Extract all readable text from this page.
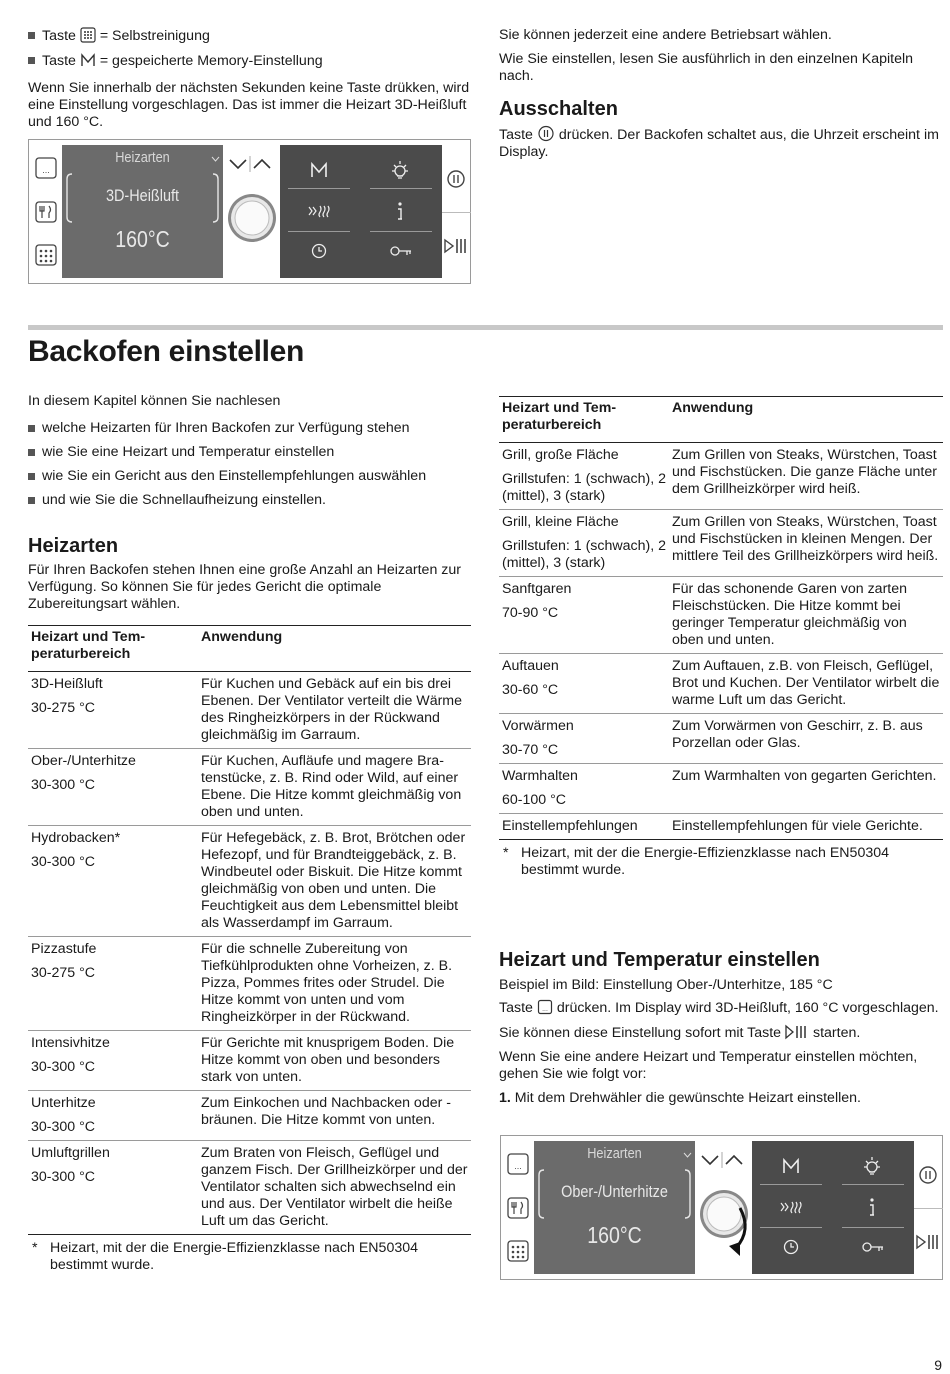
Taste = Selbstreinigung
Taste = gespeicherte Memory-Einstellung

Wenn Sie innerhalb der nächsten Sekunden keine Taste drükken, wird eine Einstellung vorgeschlagen. Das ist immer die Heizart 3D-Heißluft und 160 °C.

...
Heizarten
3D-Heißluft
160°C

Sie können jederzeit eine andere Betriebsart wählen.

Wie Sie einstellen, lesen Sie ausführlich in den einzelnen Kapiteln nach.

Ausschalten

Taste drücken. Der Backofen schaltet aus, die Uhrzeit erscheint im Display.

Backofen einstellen

In diesem Kapitel können Sie nachlesen

welche Heizarten für Ihren Backofen zur Verfügung stehen
wie Sie eine Heizart und Temperatur einstellen
wie Sie ein Gericht aus den Einstellempfehlungen auswählen
und wie Sie die Schnellaufheizung einstellen.
Heizarten

Für Ihren Backofen stehen Ihnen eine große Anzahl an Heizarten zur Verfügung. So können Sie für jedes Gericht die optimale Zubereitungsart wählen.

Heizart und Temperaturbereich	Anwendung

3D-Heißluft
30-275 °C	Für Kuchen und Gebäck auf ein bis drei Ebenen. Der Ventilator verteilt die Wärme des Ringheizkörpers in der Rückwand gleichmäßig im Garraum.

Ober-/Unterhitze
30-300 °C	Für Kuchen, Aufläufe und magere Bratenstücke, z. B. Rind oder Wild, auf einer Ebene. Die Hitze kommt gleichmäßig von oben und unten.

Hydrobacken*
30-300 °C	Für Hefegebäck, z. B. Brot, Brötchen oder Hefezopf, und für Brandteiggebäck, z. B. Windbeutel oder Biskuit. Die Hitze kommt gleichmäßig von oben und unten. Die Feuchtigkeit aus dem Lebensmittel bleibt als Wasserdampf im Garraum.

Pizzastufe
30-275 °C	Für die schnelle Zubereitung von Tiefkühlprodukten ohne Vorheizen, z. B. Pizza, Pommes frites oder Strudel. Die Hitze kommt von unten und vom Ringheizkörper in der Rückwand.

Intensivhitze
30-300 °C	Für Gerichte mit knusprigem Boden. Die Hitze kommt von oben und besonders stark von unten.

Unterhitze
30-300 °C	Zum Einkochen und Nachbacken oder -bräunen. Die Hitze kommt von unten.

Umluftgrillen
30-300 °C	Zum Braten von Fleisch, Geflügel und ganzem Fisch. Der Grillheizkörper und der Ventilator schalten sich abwechselnd ein und aus. Der Ventilator wirbelt die heiße Luft um das Gericht.
* Heizart, mit der die Energie-Effizienzklasse nach EN50304 bestimmt wurde.
Heizart und Temperaturbereich	Anwendung

Grill, große Fläche
Grillstufen: 1 (schwach), 2 (mittel), 3 (stark)	Zum Grillen von Steaks, Würstchen, Toast und Fischstücken. Die ganze Fläche unter dem Grillheizkörper wird heiß.

Grill, kleine Fläche
Grillstufen: 1 (schwach), 2 (mittel), 3 (stark)	Zum Grillen von Steaks, Würstchen, Toast und Fischstücken in kleinen Mengen. Der mittlere Teil des Grillheizkörpers wird heiß.

Sanftgaren
70-90 °C	Für das schonende Garen von zarten Fleischstücken. Die Hitze kommt bei geringer Temperatur gleichmäßig von oben und unten.

Auftauen
30-60 °C	Zum Auftauen, z.B. von Fleisch, Geflügel, Brot und Kuchen. Der Ventilator wirbelt die warme Luft um das Gericht.

Vorwärmen
30-70 °C	Zum Vorwärmen von Geschirr, z. B. aus Porzellan oder Glas.

Warmhalten
60-100 °C	Zum Warmhalten von gegarten Gerichten.

Einstellempfehlungen	Einstellempfehlungen für viele Gerichte.
* Heizart, mit der die Energie-Effizienzklasse nach EN50304 bestimmt wurde.
Heizart und Temperatur einstellen

Beispiel im Bild: Einstellung Ober-/Unterhitze, 185 °C

Taste ... drücken. Im Display wird 3D-Heißluft, 160 °C vorgeschlagen.

Sie können diese Einstellung sofort mit Taste starten.

Wenn Sie eine andere Heizart und Temperatur einstellen möchten, gehen Sie wie folgt vor:

1. Mit dem Drehwähler die gewünschte Heizart einstellen.

...
Heizarten
Ober-/Unterhitze
160°C
9
